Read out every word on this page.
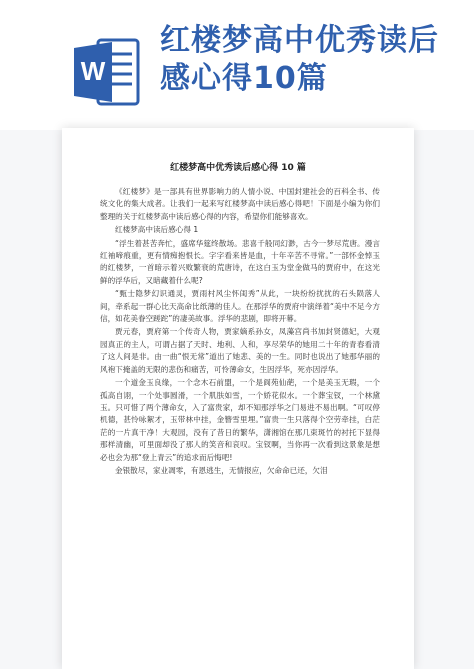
W
红楼梦高中优秀读后感心得10篇
红楼梦高中优秀读后感心得 10 篇

《红楼梦》是一部具有世界影响力的人情小说、中国封建社会的百科全书、传统文化的集大成者。让我们一起来写红楼梦高中读后感心得吧！下面是小编为你们整理的关于红楼梦高中读后感心得的内容，希望你们能够喜欢。

红楼梦高中读后感心得 1

“浮生着甚苦奔忙，盛席华筵终散场。悲喜千般同幻渺，古今一梦尽荒唐。漫言红袖啼痕重，更有情痴抱恨长。字字看来皆是血，十年辛苦不寻常。”一部怀金悼玉的红楼梦，一首暗示着兴败繁衰的荒唐诗，在这白玉为堂金做马的贾府中，在这光鲜的浮华后，又暗藏着什么呢?

“甄士隐梦幻识通灵，贾雨村风尘怀闺秀”从此，一块纷纷扰扰的石头陨落人间，牵系起一群心比天高命比纸薄的佳人。在那浮华的贾府中演绎着“美中不足今方信，如花美眷空蹉跎”的凄美故事。浮华的悲剧，即将开幕。

贾元春，贾府第一个传奇人物，贾家嫡系孙女，凤藻宫尚书加封贤德妃，大观园真正的主人，可谓占据了天时、地利、人和，享尽荣华的她用二十年的青春看清了这人间是非。由一曲“恨无常”道出了她悲、美的一生。同时也说出了她那华丽的风袍下掩盖的无限的悲伤和痛苦，可怜薄命女，生因浮华，死亦因浮华。

一个道金玉良缘，一个念木石前盟，一个是阆苑仙葩，一个是美玉无瑕，一个孤高自诩，一个处事圆滑，一个肌肤如雪，一个娇花似水。一个葬宝钗，一个林黛玉。只可惜了两个薄命女，入了富贵家，却不知那浮华之门易进不易出啊。“可叹停机德，甚怜咏絮才，玉带林中挂，金簪雪里埋。”富贵一生只落得个空劳牵挂，白茫茫的一片真干净！大观园，没有了昔日的繁华，潇湘馆在那几束斑竹的衬托下显得那样清幽，可里面却没了那人的笑音和哀叹。宝钗啊，当你再一次看到这景象是想必也会为那“登上青云”的追求而后悔吧!

金银散尽，家业凋零，有恩逃生，无情报应，欠命命已还，欠泪
